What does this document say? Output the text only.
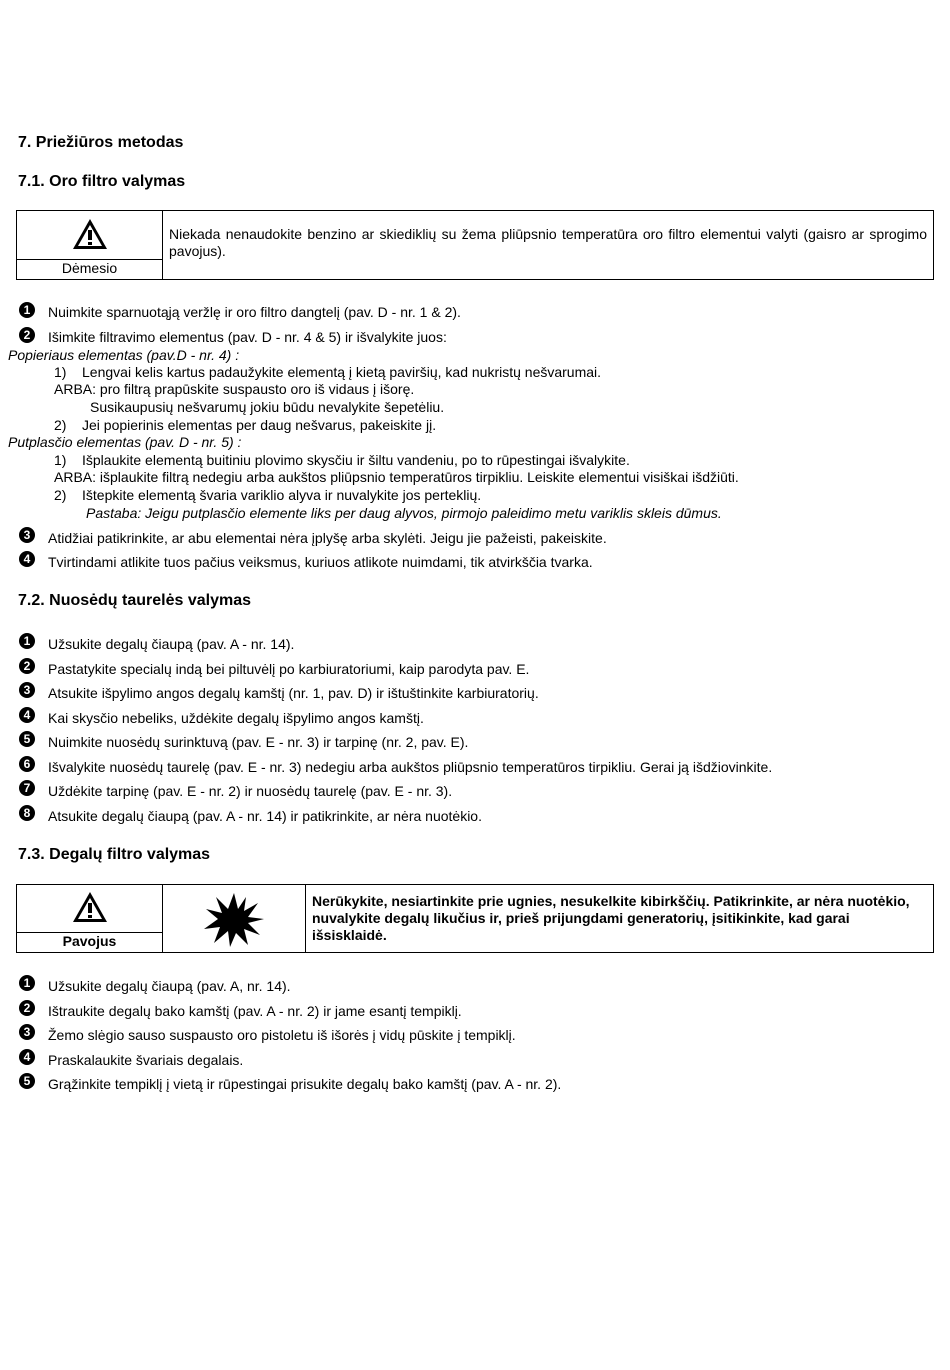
7. Priežiūros metodas
7.1. Oro filtro valymas

Niekada nenaudokite benzino ar skiediklių su žema pliūpsnio temperatūra oro filtro elementui valyti (gaisro ar sprogimo pavojus).

Dėmesio
1	Nuimkite sparnuotąją veržlę ir oro filtro dangtelį (pav. D - nr. 1 & 2).
2	Išimkite filtravimo elementus (pav. D - nr. 4 & 5) ir išvalykite juos:
Popieriaus elementas (pav.D - nr. 4) :
1)    Lengvai kelis kartus padaužykite elementą į kietą paviršių, kad nukristų nešvarumai.
ARBA: pro filtrą prapūskite suspausto oro iš vidaus į išorę.
Susikaupusių nešvarumų jokiu būdu nevalykite šepetėliu.
2)    Jei popierinis elementas per daug nešvarus, pakeiskite jį.
Putplasčio elementas (pav. D - nr. 5) :
1)    Išplaukite elementą buitiniu plovimo skysčiu ir šiltu vandeniu, po to rūpestingai išvalykite.
ARBA: išplaukite filtrą nedegiu arba aukštos pliūpsnio temperatūros tirpikliu. Leiskite elementui visiškai išdžiūti.
2)    Ištepkite elementą švaria variklio alyva ir nuvalykite jos perteklių.
Pastaba: Jeigu putplasčio elemente liks per daug alyvos, pirmojo paleidimo metu variklis skleis dūmus.
3	Atidžiai patikrinkite, ar abu elementai nėra įplyšę arba skylėti. Jeigu jie pažeisti, pakeiskite.
4	Tvirtindami atlikite tuos pačius veiksmus, kuriuos atlikote nuimdami, tik atvirkščia tvarka.
7.2. Nuosėdų taurelės valymas
1	Užsukite degalų čiaupą (pav. A - nr. 14).
2	Pastatykite specialų indą bei piltuvėlį po karbiuratoriumi, kaip parodyta pav. E.
3	Atsukite išpylimo angos degalų kamštį (nr. 1, pav. D) ir ištuštinkite karbiuratorių.
4	Kai skysčio nebeliks, uždėkite degalų išpylimo angos kamštį.
5	Nuimkite nuosėdų surinktuvą (pav. E - nr. 3) ir tarpinę (nr. 2, pav. E).
6	Išvalykite nuosėdų taurelę (pav. E - nr. 3) nedegiu arba aukštos pliūpsnio temperatūros tirpikliu. Gerai ją išdžiovinkite.
7	Uždėkite tarpinę (pav. E - nr. 2) ir nuosėdų taurelę (pav. E - nr. 3).
8	Atsukite degalų čiaupą (pav. A - nr. 14) ir patikrinkite, ar nėra nuotėkio.
7.3. Degalų filtro valymas

Nerūkykite, nesiartinkite prie ugnies, nesukelkite kibirkščių. Patikrinkite, ar nėra nuotėkio, nuvalykite degalų likučius ir, prieš prijungdami generatorių, įsitikinkite, kad garai išsisklaidė.

Pavojus
1	Užsukite degalų čiaupą (pav. A, nr. 14).
2	Ištraukite degalų bako kamštį (pav. A - nr. 2) ir jame esantį tempiklį.
3	Žemo slėgio sauso suspausto oro pistoletu iš išorės į vidų pūskite į tempiklį.
4	Praskalaukite švariais degalais.
5	Grąžinkite tempiklį į vietą ir rūpestingai prisukite degalų bako kamštį (pav. A - nr. 2).
